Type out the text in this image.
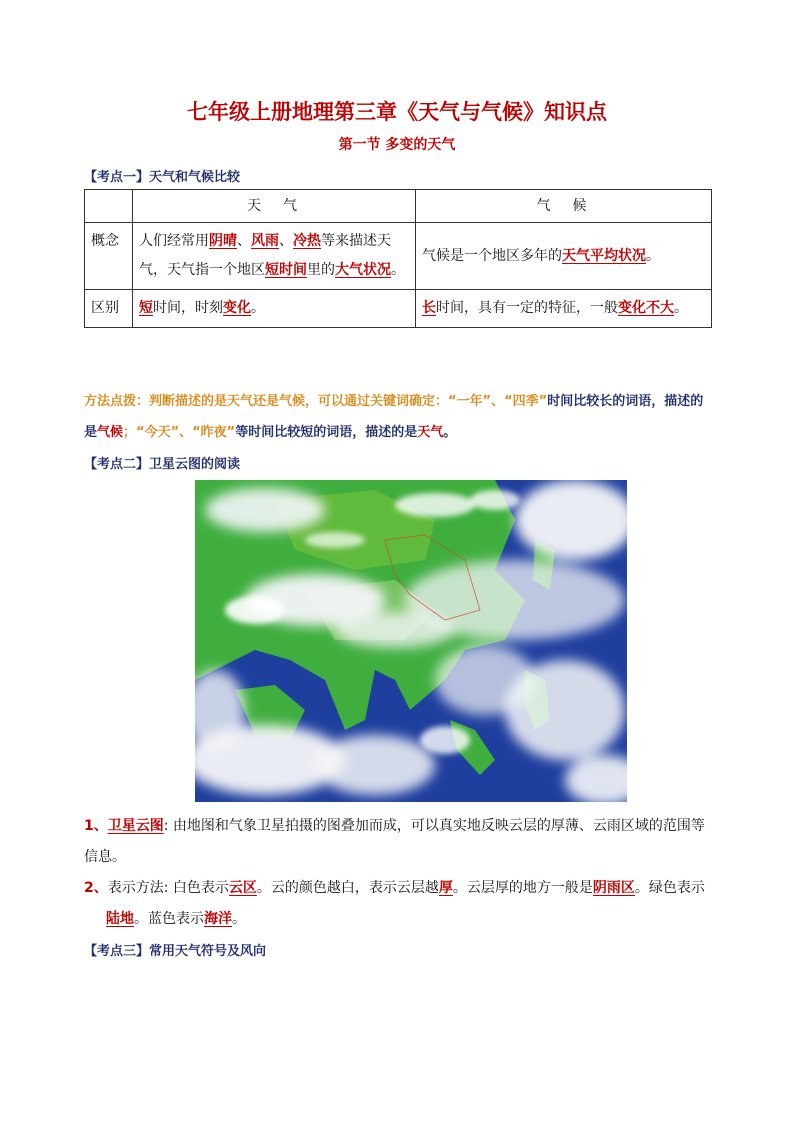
七年级上册地理第三章《天气与气候》知识点
第一节 多变的天气
【考点一】天气和气候比较
	天　气	气　候
概念	人们经常用阴晴、风雨、冷热等来描述天气，天气指一个地区短时间里的大气状况。	气候是一个地区多年的天气平均状况。
区别	短时间，时刻变化。	长时间，具有一定的特征，一般变化不大。
方法点拨：判断描述的是天气还是气候，可以通过关键词确定：“一年”、“四季”时间比较长的词语，描述的是气候；“今天”、“昨夜”等时间比较短的词语，描述的是天气。
【考点二】卫星云图的阅读
1、卫星云图: 由地图和气象卫星拍摄的图叠加而成，可以真实地反映云层的厚薄、云雨区域的范围等信息。
2、表示方法: 白色表示云区。云的颜色越白，表示云层越厚。云层厚的地方一般是阴雨区。绿色表示
陆地。蓝色表示海洋。
【考点三】常用天气符号及风向
